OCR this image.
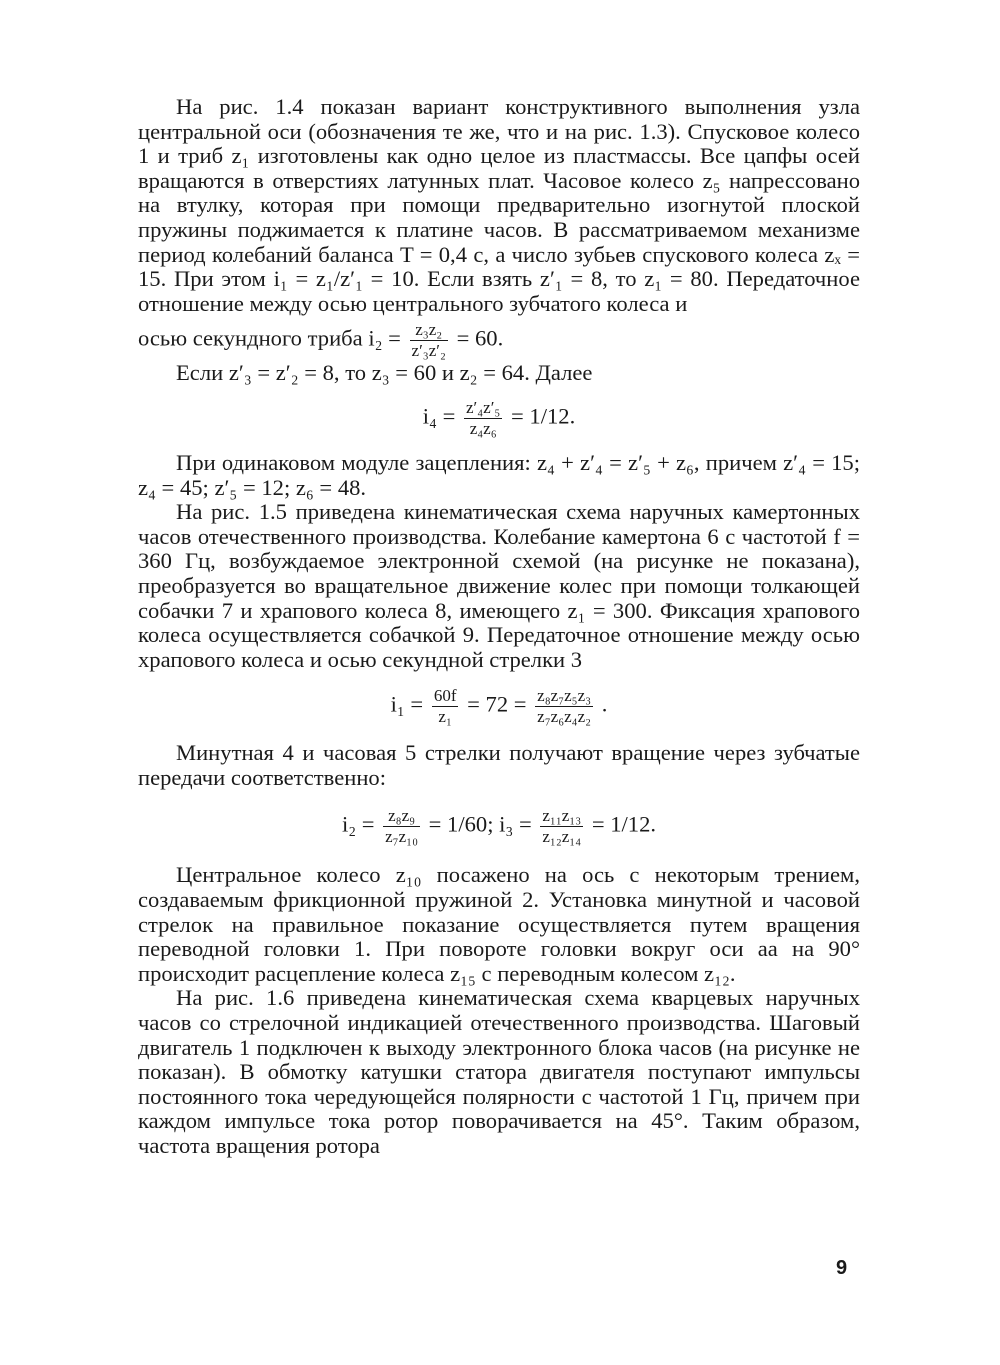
На рис. 1.4 показан вариант конструктивного выполнения узла центральной оси (обозначения те же, что и на рис. 1.3). Спусковое колесо 1 и триб z₁ изготовлены как одно целое из пластмассы. Все цапфы осей вращаются в отверстиях латунных плат. Часовое колесо z₅ напрессовано на втулку, которая при помощи предварительно изогнутой плоской пружины поджимается к платине часов. В рассматриваемом механизме период колебаний баланса T = 0,4 с, а число зубьев спускового колеса zₓ = 15. При этом i₁ = z₁/z′₁ = 10. Если взять z′₁ = 8, то z₁ = 80. Передаточное отношение между осью центрального зубчатого колеса и

осью секундного триба $i_2 = \frac{\text{z₃z₂}}{\text{z′₃z′₂}} = 60$.

Если z′₃ = z′₂ = 8, то z₃ = 60 и z₂ = 64. Далее

$i_4 = \frac{\text{z′₄z′₅}}{\text{z₄z₆}} = 1/12$.

При одинаковом модуле зацепления: z₄ + z′₄ = z′₅ + z₆, причем z′₄ = 15; z₄ = 45; z′₅ = 12; z₆ = 48.

На рис. 1.5 приведена кинематическая схема наручных камертонных часов отечественного производства. Колебание камертона 6 с частотой f = 360 Гц, возбуждаемое электронной схемой (на рисунке не показана), преобразуется во вращательное движение колес при помощи толкающей собачки 7 и храпового колеса 8, имеющего z₁ = 300. Фиксация храпового колеса осуществляется собачкой 9. Передаточное отношение между осью храпового колеса и осью секундной стрелки 3

$i_1 = \frac{60f}{\text{z₁}} = 72 = \frac{\text{z₈z₇z₅z₃}}{\text{z₇z₆z₄z₂}}$ .

Минутная 4 и часовая 5 стрелки получают вращение через зубчатые передачи соответственно:

$i_2 = \frac{\text{z₈z₉}}{\text{z₇z₁₀}} = 1/60$; $i_3 = \frac{\text{z₁₁z₁₃}}{\text{z₁₂z₁₄}} = 1/12$.

Центральное колесо z₁₀ посажено на ось с некоторым трением, создаваемым фрикционной пружиной 2. Установка минутной и часовой стрелок на правильное показание осуществляется путем вращения переводной головки 1. При повороте головки вокруг оси aa на 90° происходит расцепление колеса z₁₅ с переводным колесом z₁₂.

На рис. 1.6 приведена кинематическая схема кварцевых наручных часов со стрелочной индикацией отечественного производства. Шаговый двигатель 1 подключен к выходу электронного блока часов (на рисунке не показан). В обмотку катушки статора двигателя поступают импульсы постоянного тока чередующейся полярности с частотой 1 Гц, причем при каждом импульсе тока ротор поворачивается на 45°. Таким образом, частота вращения ротора

9
